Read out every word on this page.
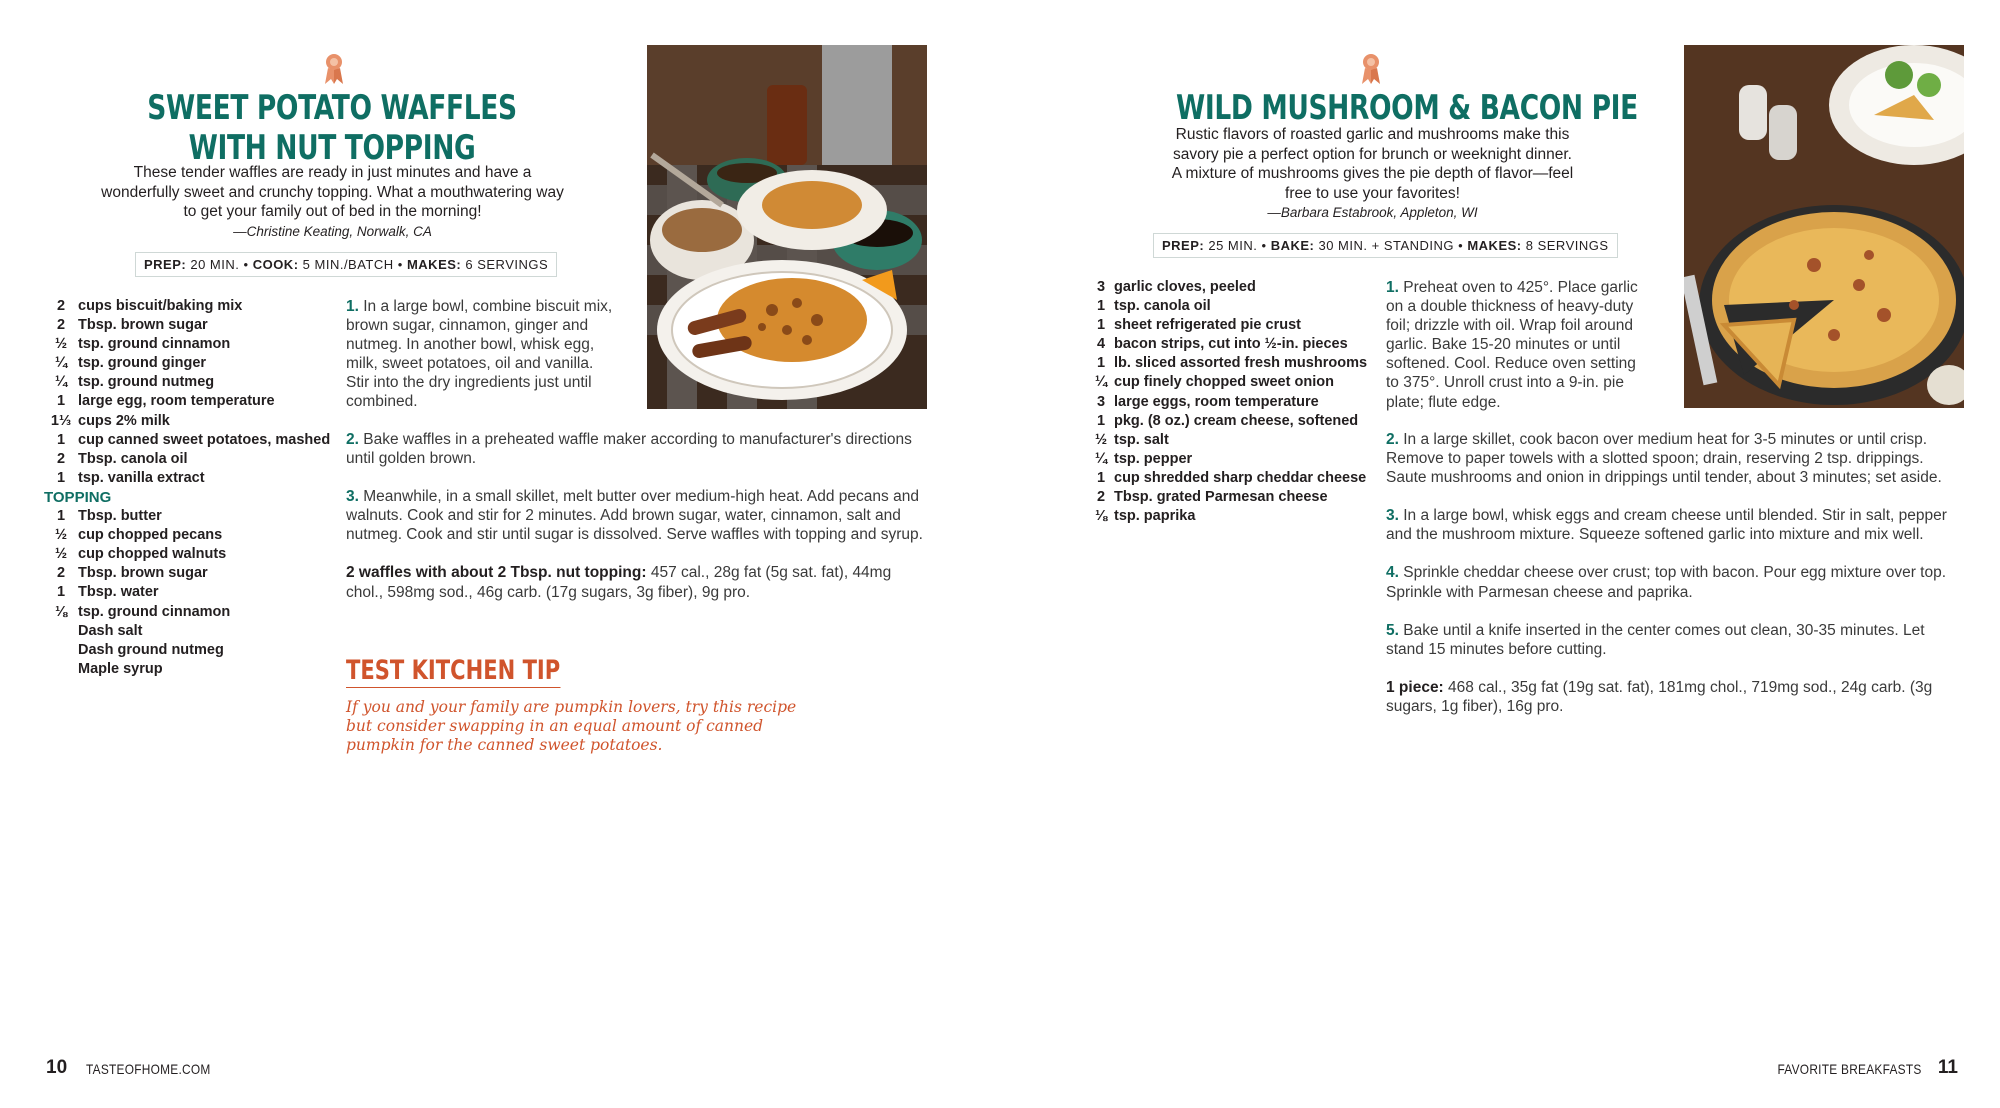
SWEET POTATO WAFFLES
WITH NUT TOPPING
These tender waffles are ready in just minutes and have a wonderfully sweet and crunchy topping. What a mouthwatering way to get your family out of bed in the morning!
—Christine Keating, Norwalk, CA
PREP: 20 MIN. • COOK: 5 MIN./BATCH • MAKES: 6 SERVINGS
2 cups biscuit/baking mix
2 Tbsp. brown sugar
½ tsp. ground cinnamon
¼ tsp. ground ginger
¼ tsp. ground nutmeg
1 large egg, room temperature
1⅓ cups 2% milk
1 cup canned sweet potatoes, mashed
2 Tbsp. canola oil
1 tsp. vanilla extract
TOPPING
1 Tbsp. butter
½ cup chopped pecans
½ cup chopped walnuts
2 Tbsp. brown sugar
1 Tbsp. water
⅛ tsp. ground cinnamon
Dash salt
Dash ground nutmeg
Maple syrup

1. In a large bowl, combine biscuit mix, brown sugar, cinnamon, ginger and nutmeg. In another bowl, whisk egg, milk, sweet potatoes, oil and vanilla. Stir into the dry ingredients just until combined.

2. Bake waffles in a preheated waffle maker according to manufacturer's directions until golden brown.

3. Meanwhile, in a small skillet, melt butter over medium-high heat. Add pecans and walnuts. Cook and stir for 2 minutes. Add brown sugar, water, cinnamon, salt and nutmeg. Cook and stir until sugar is dissolved. Serve waffles with topping and syrup.

2 waffles with about 2 Tbsp. nut topping: 457 cal., 28g fat (5g sat. fat), 44mg chol., 598mg sod., 46g carb. (17g sugars, 3g fiber), 9g pro.

TEST KITCHEN TIP
If you and your family are pumpkin lovers, try this recipe but consider swapping in an equal amount of canned pumpkin for the canned sweet potatoes.
WILD MUSHROOM & BACON PIE
Rustic flavors of roasted garlic and mushrooms make this savory pie a perfect option for brunch or weeknight dinner. A mixture of mushrooms gives the pie depth of flavor—feel free to use your favorites!
—Barbara Estabrook, Appleton, WI
PREP: 25 MIN. • BAKE: 30 MIN. + STANDING • MAKES: 8 SERVINGS
3 garlic cloves, peeled
1 tsp. canola oil
1 sheet refrigerated pie crust
4 bacon strips, cut into ½-in. pieces
1 lb. sliced assorted fresh mushrooms
¼ cup finely chopped sweet onion
3 large eggs, room temperature
1 pkg. (8 oz.) cream cheese, softened
½ tsp. salt
¼ tsp. pepper
1 cup shredded sharp cheddar cheese
2 Tbsp. grated Parmesan cheese
⅛ tsp. paprika

1. Preheat oven to 425°. Place garlic on a double thickness of heavy-duty foil; drizzle with oil. Wrap foil around garlic. Bake 15-20 minutes or until softened. Cool. Reduce oven setting to 375°. Unroll crust into a 9-in. pie plate; flute edge.

2. In a large skillet, cook bacon over medium heat for 3-5 minutes or until crisp. Remove to paper towels with a slotted spoon; drain, reserving 2 tsp. drippings. Saute mushrooms and onion in drippings until tender, about 3 minutes; set aside.

3. In a large bowl, whisk eggs and cream cheese until blended. Stir in salt, pepper and the mushroom mixture. Squeeze softened garlic into mixture and mix well.

4. Sprinkle cheddar cheese over crust; top with bacon. Pour egg mixture over top. Sprinkle with Parmesan cheese and paprika.

5. Bake until a knife inserted in the center comes out clean, 30-35 minutes. Let stand 15 minutes before cutting.

1 piece: 468 cal., 35g fat (19g sat. fat), 181mg chol., 719mg sod., 24g carb. (3g sugars, 1g fiber), 16g pro.

10 TASTEOFHOME.COM	FAVORITE BREAKFASTS 11
